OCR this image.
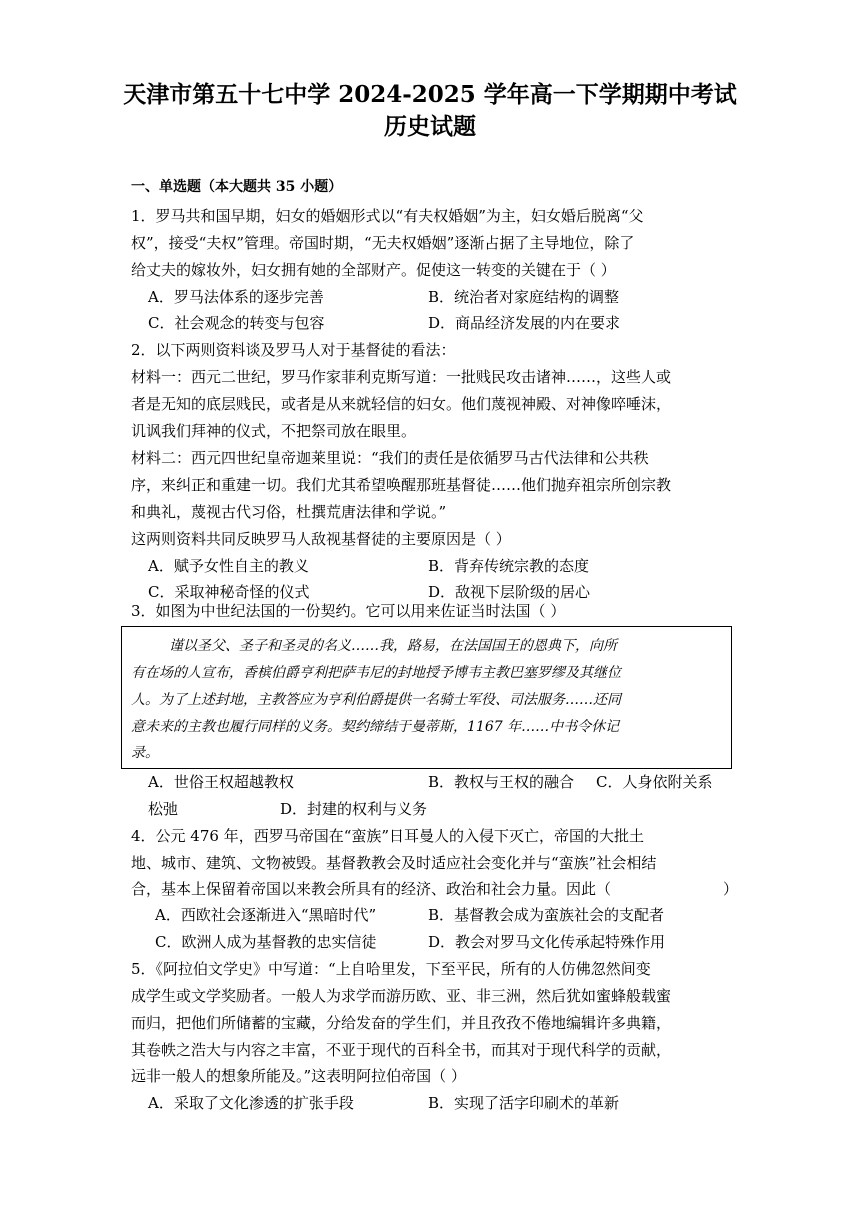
天津市第五十七中学 2024-2025 学年高一下学期期中考试
历史试题
一、单选题（本大题共 35 小题）
1．罗马共和国早期，妇女的婚姻形式以“有夫权婚姻”为主，妇女婚后脱离“父
权”，接受“夫权”管理。帝国时期，“无夫权婚姻”逐渐占据了主导地位，除了
给丈夫的嫁妆外，妇女拥有她的全部财产。促使这一转变的关键在于（ ）
A．罗马法体系的逐步完善	B．统治者对家庭结构的调整
C．社会观念的转变与包容	D．商品经济发展的内在要求
2．以下两则资料谈及罗马人对于基督徒的看法：
材料一：西元二世纪，罗马作家菲利克斯写道：一批贱民攻击诸神……，这些人或
者是无知的底层贱民，或者是从来就轻信的妇女。他们蔑视神殿、对神像啐唾沫，
讥讽我们拜神的仪式，不把祭司放在眼里。
材料二：西元四世纪皇帝迦莱里说：“我们的责任是依循罗马古代法律和公共秩
序，来纠正和重建一切。我们尤其希望唤醒那班基督徒……他们抛弃祖宗所创宗教
和典礼，蔑视古代习俗，杜撰荒唐法律和学说。”
这两则资料共同反映罗马人敌视基督徒的主要原因是（ ）
A．赋予女性自主的教义	B．背弃传统宗教的态度
C．采取神秘奇怪的仪式	D．敌视下层阶级的居心
3．如图为中世纪法国的一份契约。它可以用来佐证当时法国（ ）
谨以圣父、圣子和圣灵的名义……我，路易，在法国国王的恩典下，向所
有在场的人宣布，香槟伯爵亨利把萨韦尼的封地授予博韦主教巴塞罗缪及其继位
人。为了上述封地，主教答应为亨利伯爵提供一名骑士军役、司法服务……还同
意未来的主教也履行同样的义务。契约缔结于曼蒂斯，1167 年……中书令休记
录。
A．世俗王权超越教权	B．教权与王权的融合 C．人身依附关系
松弛	D．封建的权利与义务
4．公元 476 年，西罗马帝国在“蛮族”日耳曼人的入侵下灭亡，帝国的大批土
地、城市、建筑、文物被毁。基督教教会及时适应社会变化并与“蛮族”社会相结
合，基本上保留着帝国以来教会所具有的经济、政治和社会力量。因此（	）
A．西欧社会逐渐进入“黑暗时代”	B．基督教会成为蛮族社会的支配者
C．欧洲人成为基督教的忠实信徒	D．教会对罗马文化传承起特殊作用
5．《阿拉伯文学史》中写道：“上自哈里发，下至平民，所有的人仿佛忽然间变
成学生或文学奖励者。一般人为求学而游历欧、亚、非三洲，然后犹如蜜蜂般载蜜
而归，把他们所储蓄的宝藏，分给发奋的学生们，并且孜孜不倦地编辑许多典籍，
其卷帙之浩大与内容之丰富，不亚于现代的百科全书，而其对于现代科学的贡献，
远非一般人的想象所能及。”这表明阿拉伯帝国（ ）
A．采取了文化渗透的扩张手段	B．实现了活字印刷术的革新
